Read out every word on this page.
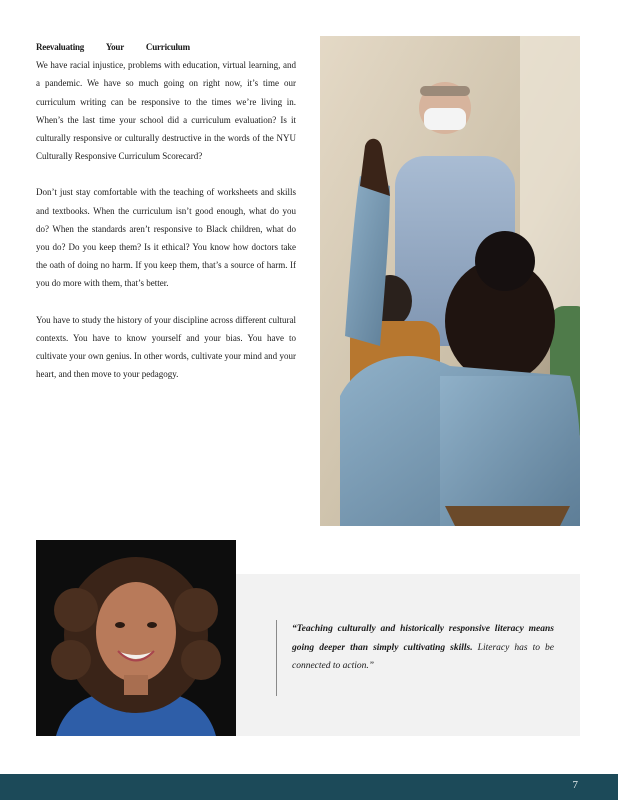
Reevaluating Your Curriculum

We have racial injustice, problems with education, virtual learning, and a pandemic. We have so much going on right now, it’s time our curriculum writing can be responsive to the times we’re living in. When’s the last time your school did a curriculum evaluation? Is it culturally responsive or culturally destructive in the words of the NYU Culturally Responsive Curriculum Scorecard?

Don’t just stay comfortable with the teaching of worksheets and skills and textbooks. When the curriculum isn’t good enough, what do you do? When the standards aren’t responsive to Black children, what do you do? Do you keep them? Is it ethical? You know how doctors take the oath of doing no harm. If you keep them, that’s a source of harm. If you do more with them, that’s better.

You have to study the history of your discipline across different cultural contexts. You have to know yourself and your bias. You have to cultivate your own genius. In other words, cultivate your mind and your heart, and then move to your pedagogy.

“Teaching culturally and historically responsive literacy means going deeper than simply cultivating skills. Literacy has to be connected to action.”

7
